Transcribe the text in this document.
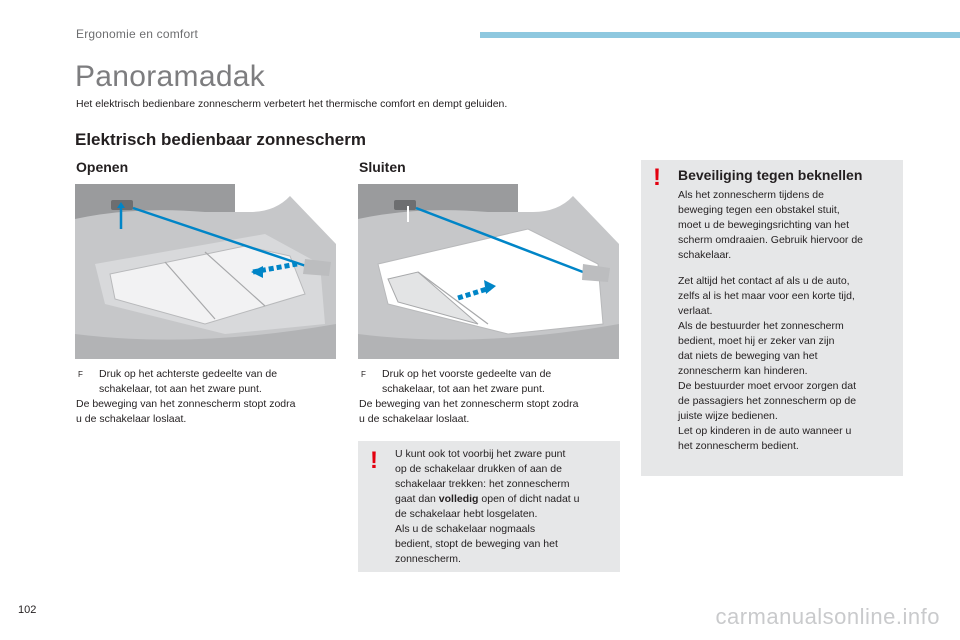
Ergonomie en comfort
Panoramadak
Het elektrisch bedienbare zonnescherm verbetert het thermische comfort en dempt geluiden.
Elektrisch bedienbaar zonnescherm
Openen
F	Druk op het achterste gedeelte van de
schakelaar, tot aan het zware punt.

De beweging van het zonnescherm stopt zodra

u de schakelaar loslaat.

Sluiten
F	Druk op het voorste gedeelte van de
schakelaar, tot aan het zware punt.

De beweging van het zonnescherm stopt zodra

u de schakelaar loslaat.

! U kunt ook tot voorbij het zware punt
op de schakelaar drukken of aan de
schakelaar trekken: het zonnescherm
gaat dan volledig open of dicht nadat u
de schakelaar hebt losgelaten.
Als u de schakelaar nogmaals
bedient, stopt de beweging van het
zonnescherm.
! Beveiliging tegen beknellen
Als het zonnescherm tijdens de
beweging tegen een obstakel stuit,
moet u de bewegingsrichting van het
scherm omdraaien. Gebruik hiervoor de
schakelaar.
Zet altijd het contact af als u de auto,
zelfs al is het maar voor een korte tijd,
verlaat.
Als de bestuurder het zonnescherm
bedient, moet hij er zeker van zijn
dat niets de beweging van het
zonnescherm kan hinderen.
De bestuurder moet ervoor zorgen dat
de passagiers het zonnescherm op de
juiste wijze bedienen.
Let op kinderen in de auto wanneer u
het zonnescherm bedient.
102	carmanualsonline.info
